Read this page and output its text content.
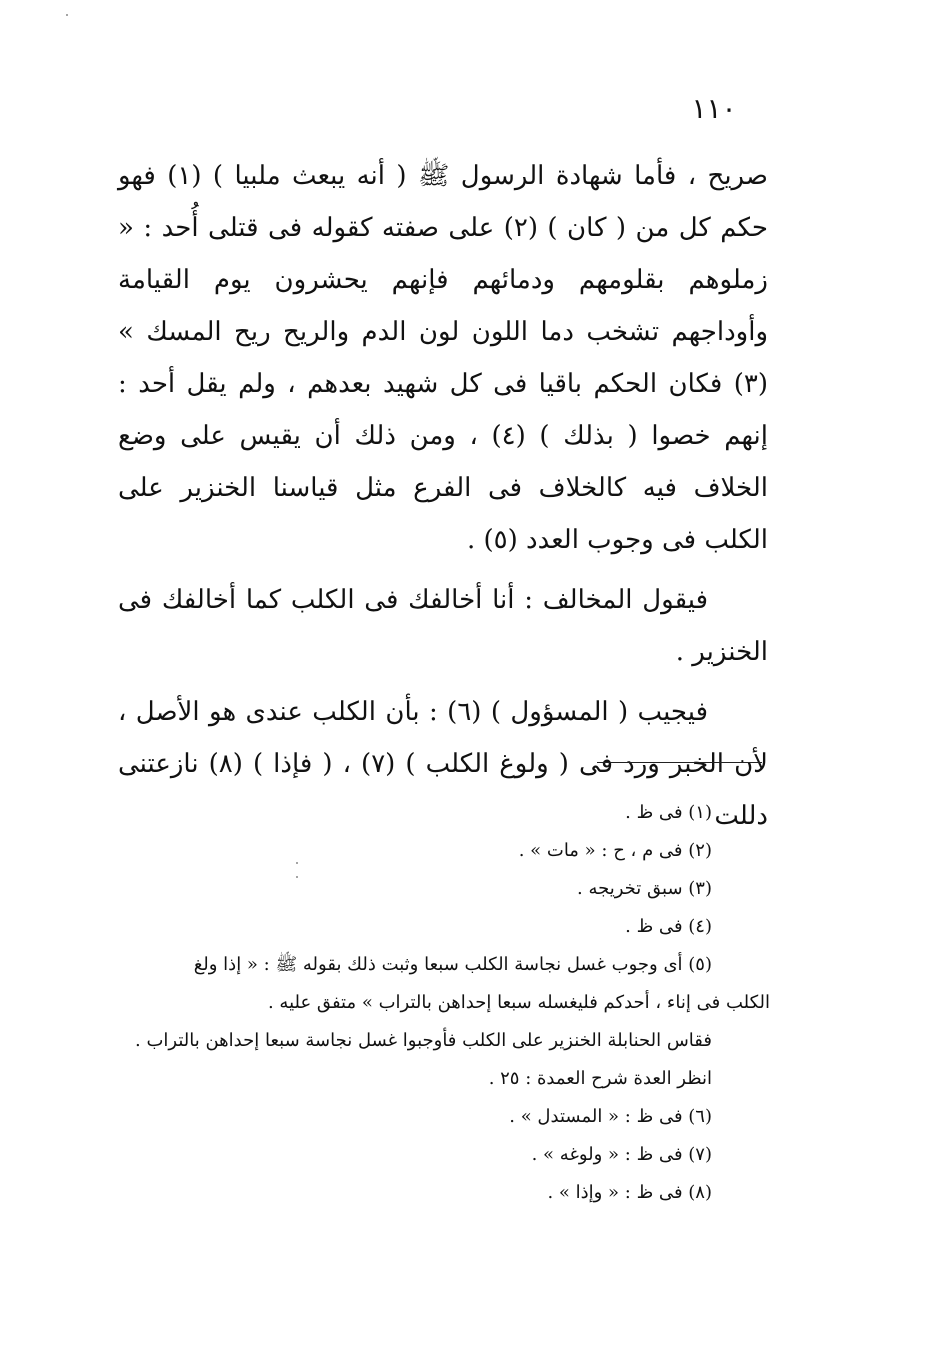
١١٠

صريح ، فأما شهادة الرسول ﷺ ( أنه يبعث ملبيا ) (١) فهو حكم كل من ( كان ) (٢) على صفته كقوله فى قتلى أُحد : « زملوهم بقلومهم ودمائهم فإنهم يحشرون يوم القيامة وأوداجهم تشخب دما اللون لون الدم والريح ريح المسك » (٣) فكان الحكم باقيا فى كل شهيد بعدهم ، ولم يقل أحد : إنهم خصوا ( بذلك ) (٤) ، ومن ذلك أن يقيس على وضع الخلاف فيه كالخلاف فى الفرع مثل قياسنا الخنزير على الكلب فى وجوب العدد (٥) .

فيقول المخالف : أنا أخالفك فى الكلب كما أخالفك فى الخنزير .

فيجيب ( المسؤول ) (٦) : بأن الكلب عندى هو الأصل ، لأن الخبر ورد فى ( ولوغ الكلب ) (٧) ، ( فإذا ) (٨) نازعتنى دللت

(١) فى ظ .

(٢) فى م ، ح : « مات » .

(٣) سبق تخريجه .

(٤) فى ظ .

(٥) أى وجوب غسل نجاسة الكلب سبعا وثبت ذلك بقوله ﷺ : « إذا ولغ

الكلب فى إناء ، أحدكم فليغسله سبعا إحداهن بالتراب » متفق عليه .

فقاس الحنابلة الخنزير على الكلب فأوجبوا غسل نجاسة سبعا إحداهن بالتراب .

انظر العدة شرح العمدة : ٢٥ .

(٦) فى ظ : « المستدل » .

(٧) فى ظ : « ولوغه » .

(٨) فى ظ : « وإذا » .
